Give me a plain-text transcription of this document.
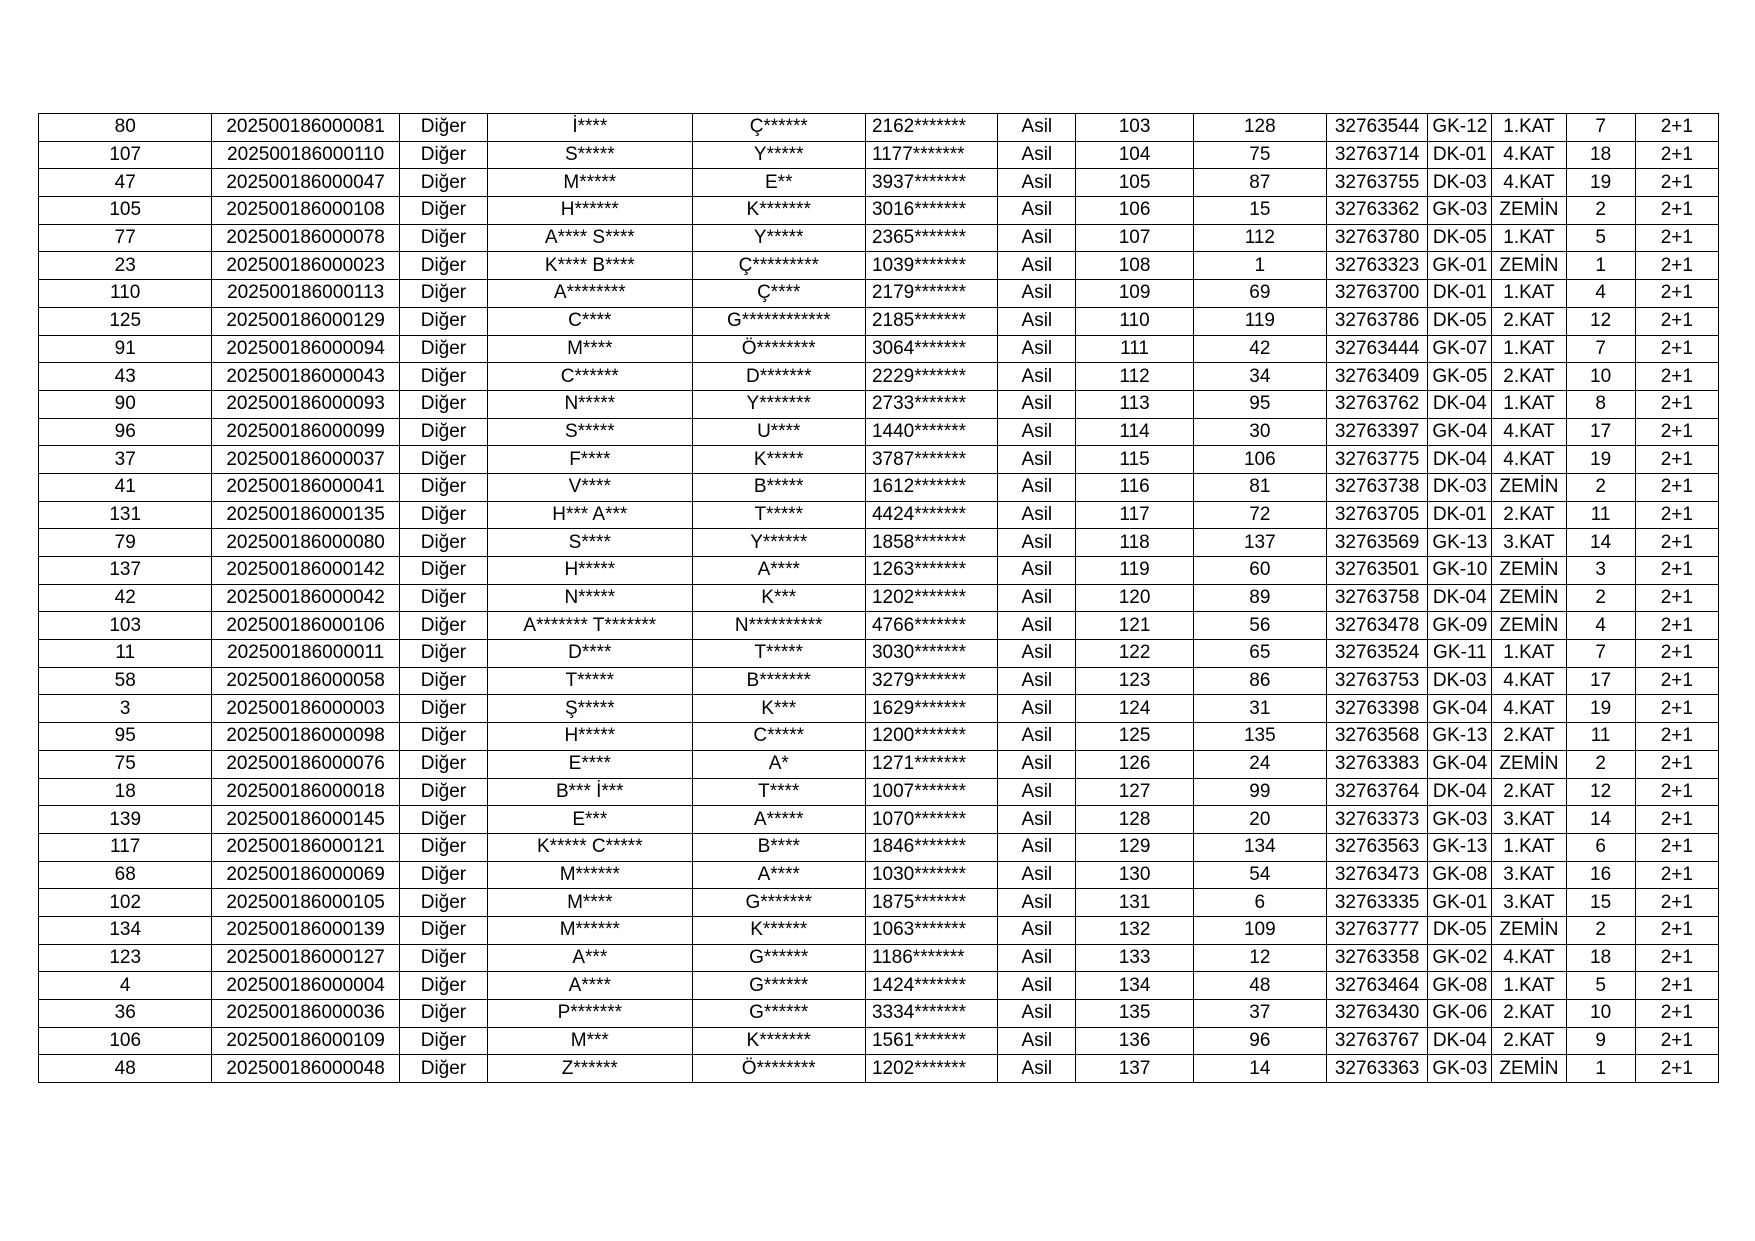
80	202500186000081	Diğer	İ****	Ç******	2162*******	Asil	103	128	32763544	GK-12	1.KAT	7	2+1
107	202500186000110	Diğer	S*****	Y*****	1177*******	Asil	104	75	32763714	DK-01	4.KAT	18	2+1
47	202500186000047	Diğer	M*****	E**	3937*******	Asil	105	87	32763755	DK-03	4.KAT	19	2+1
105	202500186000108	Diğer	H******	K*******	3016*******	Asil	106	15	32763362	GK-03	ZEMİN	2	2+1
77	202500186000078	Diğer	A**** S****	Y*****	2365*******	Asil	107	112	32763780	DK-05	1.KAT	5	2+1
23	202500186000023	Diğer	K**** B****	Ç*********	1039*******	Asil	108	1	32763323	GK-01	ZEMİN	1	2+1
110	202500186000113	Diğer	A********	Ç****	2179*******	Asil	109	69	32763700	DK-01	1.KAT	4	2+1
125	202500186000129	Diğer	C****	G************	2185*******	Asil	110	119	32763786	DK-05	2.KAT	12	2+1
91	202500186000094	Diğer	M****	Ö********	3064*******	Asil	111	42	32763444	GK-07	1.KAT	7	2+1
43	202500186000043	Diğer	C******	D*******	2229*******	Asil	112	34	32763409	GK-05	2.KAT	10	2+1
90	202500186000093	Diğer	N*****	Y*******	2733*******	Asil	113	95	32763762	DK-04	1.KAT	8	2+1
96	202500186000099	Diğer	S*****	U****	1440*******	Asil	114	30	32763397	GK-04	4.KAT	17	2+1
37	202500186000037	Diğer	F****	K*****	3787*******	Asil	115	106	32763775	DK-04	4.KAT	19	2+1
41	202500186000041	Diğer	V****	B*****	1612*******	Asil	116	81	32763738	DK-03	ZEMİN	2	2+1
131	202500186000135	Diğer	H*** A***	T*****	4424*******	Asil	117	72	32763705	DK-01	2.KAT	11	2+1
79	202500186000080	Diğer	S****	Y******	1858*******	Asil	118	137	32763569	GK-13	3.KAT	14	2+1
137	202500186000142	Diğer	H*****	A****	1263*******	Asil	119	60	32763501	GK-10	ZEMİN	3	2+1
42	202500186000042	Diğer	N*****	K***	1202*******	Asil	120	89	32763758	DK-04	ZEMİN	2	2+1
103	202500186000106	Diğer	A******* T*******	N**********	4766*******	Asil	121	56	32763478	GK-09	ZEMİN	4	2+1
11	202500186000011	Diğer	D****	T*****	3030*******	Asil	122	65	32763524	GK-11	1.KAT	7	2+1
58	202500186000058	Diğer	T*****	B*******	3279*******	Asil	123	86	32763753	DK-03	4.KAT	17	2+1
3	202500186000003	Diğer	Ş*****	K***	1629*******	Asil	124	31	32763398	GK-04	4.KAT	19	2+1
95	202500186000098	Diğer	H*****	C*****	1200*******	Asil	125	135	32763568	GK-13	2.KAT	11	2+1
75	202500186000076	Diğer	E****	A*	1271*******	Asil	126	24	32763383	GK-04	ZEMİN	2	2+1
18	202500186000018	Diğer	B*** İ***	T****	1007*******	Asil	127	99	32763764	DK-04	2.KAT	12	2+1
139	202500186000145	Diğer	E***	A*****	1070*******	Asil	128	20	32763373	GK-03	3.KAT	14	2+1
117	202500186000121	Diğer	K***** C*****	B****	1846*******	Asil	129	134	32763563	GK-13	1.KAT	6	2+1
68	202500186000069	Diğer	M******	A****	1030*******	Asil	130	54	32763473	GK-08	3.KAT	16	2+1
102	202500186000105	Diğer	M****	G*******	1875*******	Asil	131	6	32763335	GK-01	3.KAT	15	2+1
134	202500186000139	Diğer	M******	K******	1063*******	Asil	132	109	32763777	DK-05	ZEMİN	2	2+1
123	202500186000127	Diğer	A***	G******	1186*******	Asil	133	12	32763358	GK-02	4.KAT	18	2+1
4	202500186000004	Diğer	A****	G******	1424*******	Asil	134	48	32763464	GK-08	1.KAT	5	2+1
36	202500186000036	Diğer	P*******	G******	3334*******	Asil	135	37	32763430	GK-06	2.KAT	10	2+1
106	202500186000109	Diğer	M***	K*******	1561*******	Asil	136	96	32763767	DK-04	2.KAT	9	2+1
48	202500186000048	Diğer	Z******	Ö********	1202*******	Asil	137	14	32763363	GK-03	ZEMİN	1	2+1
